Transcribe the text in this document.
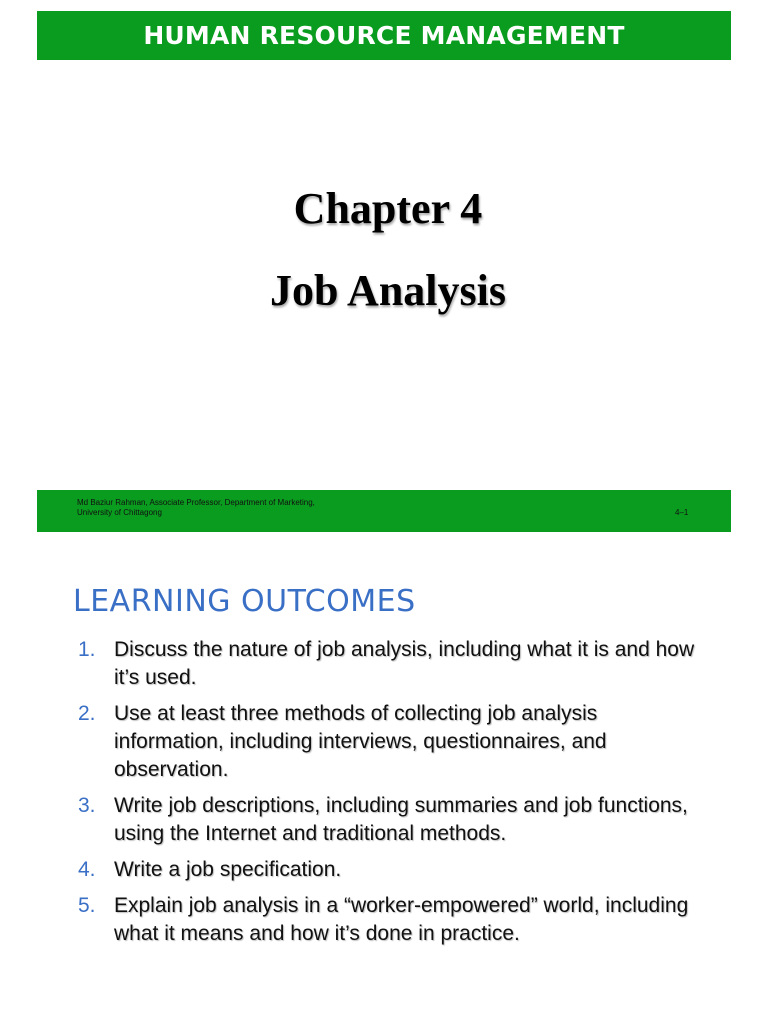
HUMAN RESOURCE MANAGEMENT
Chapter 4
Job Analysis
Md Baziur Rahman, Associate Professor, Department of Marketing,
University of Chittagong	4–1
LEARNING OUTCOMES
1. Discuss the nature of job analysis, including what it is and how it’s used.
2. Use at least three methods of collecting job analysis information, including interviews, questionnaires, and observation.
3. Write job descriptions, including summaries and job functions, using the Internet and traditional methods.
4. Write a job specification.
5. Explain job analysis in a “worker-empowered” world, including what it means and how it’s done in practice.
